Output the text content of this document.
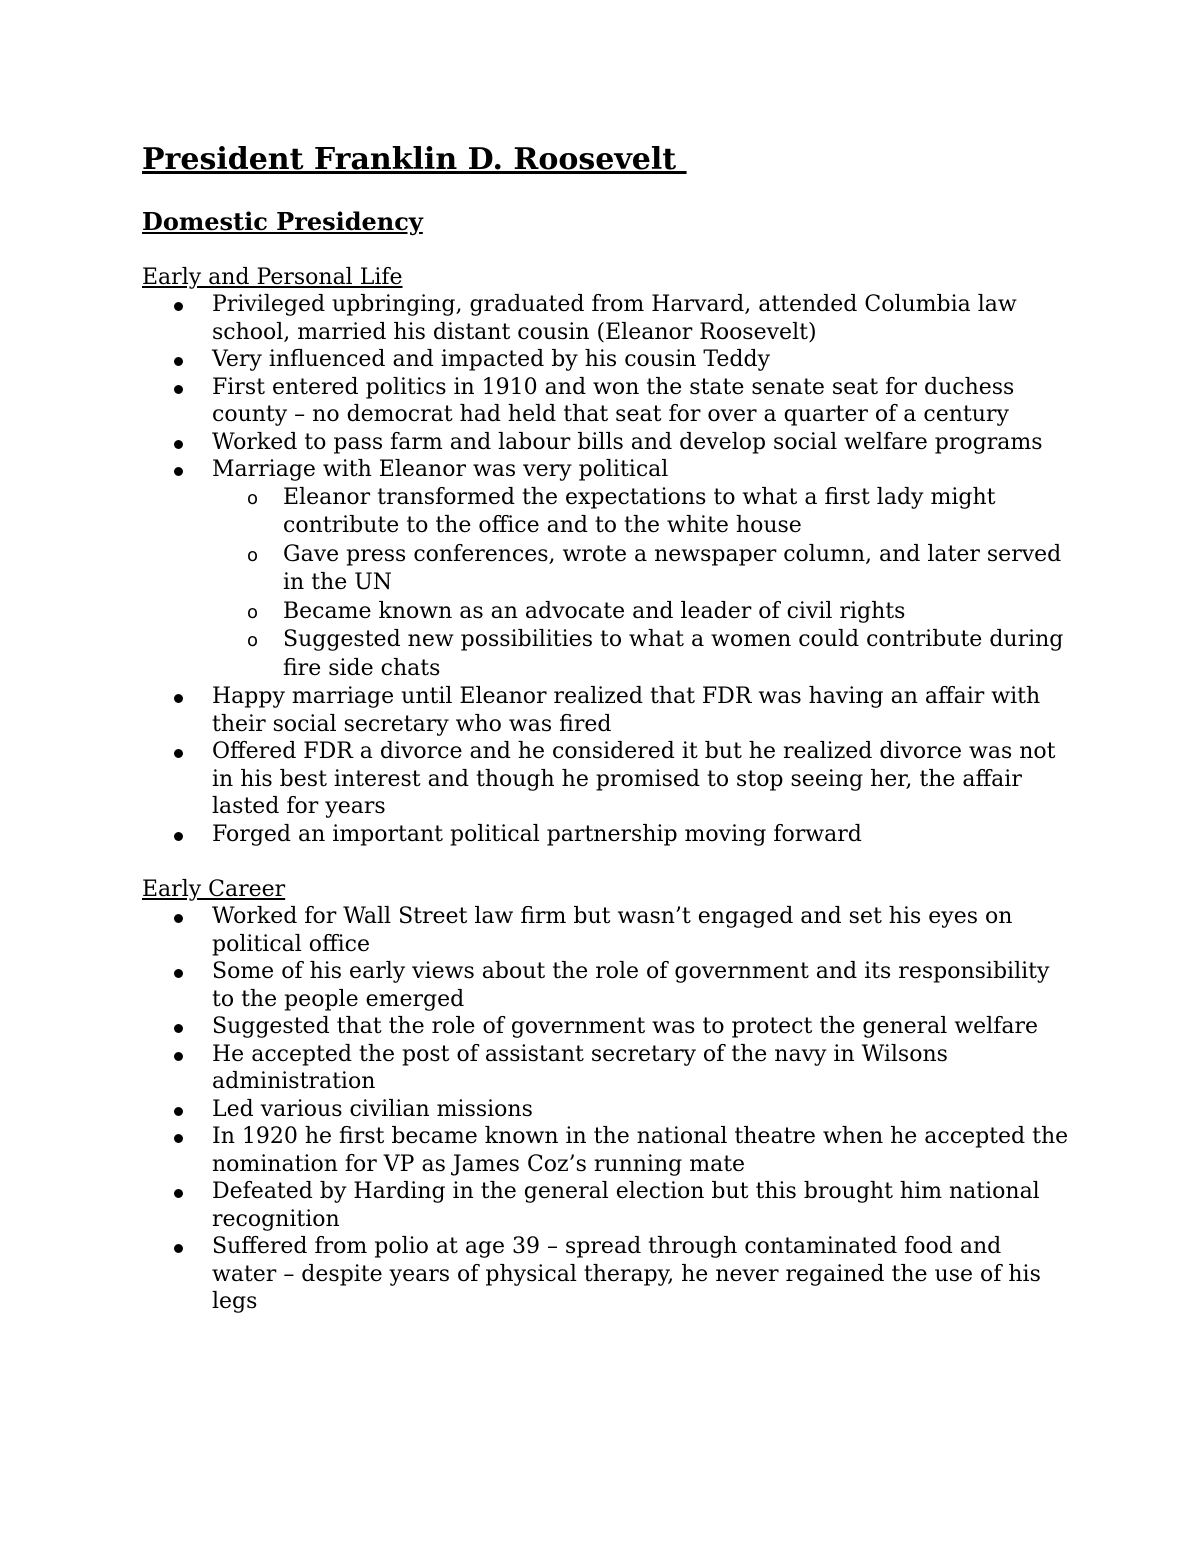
President Franklin D. Roosevelt
Domestic Presidency
Early and Personal Life
Privileged upbringing, graduated from Harvard, attended Columbia law school, married his distant cousin (Eleanor Roosevelt)
Very influenced and impacted by his cousin Teddy
First entered politics in 1910 and won the state senate seat for duchess county – no democrat had held that seat for over a quarter of a century
Worked to pass farm and labour bills and develop social welfare programs
Marriage with Eleanor was very political
o Eleanor transformed the expectations to what a first lady might contribute to the office and to the white house
o Gave press conferences, wrote a newspaper column, and later served in the UN
o Became known as an advocate and leader of civil rights
o Suggested new possibilities to what a women could contribute during fire side chats
Happy marriage until Eleanor realized that FDR was having an affair with their social secretary who was fired
Offered FDR a divorce and he considered it but he realized divorce was not in his best interest and though he promised to stop seeing her, the affair lasted for years
Forged an important political partnership moving forward
Early Career
Worked for Wall Street law firm but wasn’t engaged and set his eyes on political office
Some of his early views about the role of government and its responsibility to the people emerged
Suggested that the role of government was to protect the general welfare
He accepted the post of assistant secretary of the navy in Wilsons administration
Led various civilian missions
In 1920 he first became known in the national theatre when he accepted the nomination for VP as James Coz’s running mate
Defeated by Harding in the general election but this brought him national recognition
Suffered from polio at age 39 – spread through contaminated food and water – despite years of physical therapy, he never regained the use of his legs
